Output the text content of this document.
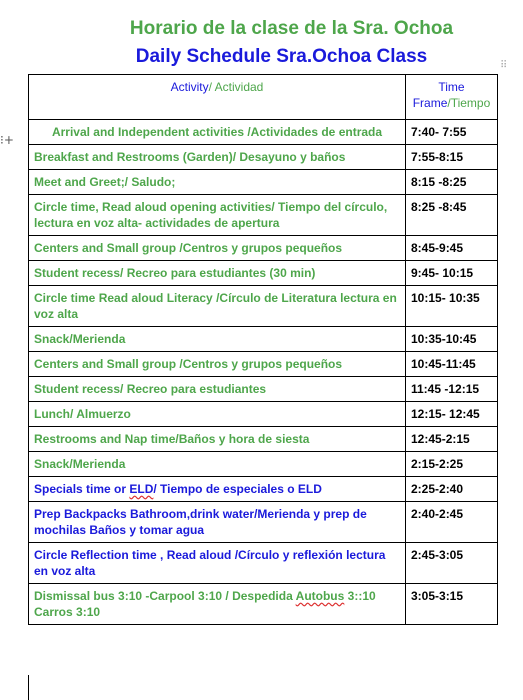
Horario de la clase de la Sra. Ochoa
Daily Schedule Sra.Ochoa Class
⁝+
⠿
Activity/ Actividad	Time Frame/Tiempo
Arrival and Independent activities /Actividades de entrada	7:40- 7:55
Breakfast and Restrooms (Garden)/ Desayuno y baños	7:55-8:15
Meet and Greet;/ Saludo;	8:15 -8:25
Circle time, Read aloud opening activities/ Tiempo del círculo, lectura en voz alta- actividades de apertura	8:25 -8:45
Centers and Small group /Centros y grupos pequeños	8:45-9:45
Student recess/ Recreo para estudiantes (30 min)	9:45- 10:15
Circle time Read aloud Literacy /Círculo de Literatura lectura en voz alta	10:15- 10:35
Snack/Merienda	10:35-10:45
Centers and Small group /Centros y grupos pequeños	10:45-11:45
Student recess/ Recreo para estudiantes	11:45 -12:15
Lunch/ Almuerzo	12:15- 12:45
Restrooms and Nap time/Baños y hora de siesta	12:45-2:15
Snack/Merienda	2:15-2:25
Specials time or ELD/ Tiempo de especiales o ELD	2:25-2:40
Prep Backpacks Bathroom,drink water/Merienda y prep de mochilas Baños y tomar agua	2:40-2:45
Circle Reflection time , Read aloud /Círculo y reflexión lectura en voz alta	2:45-3:05
Dismissal bus 3:10 -Carpool 3:10 / Despedida Autobus 3::10 Carros 3:10	3:05-3:15
